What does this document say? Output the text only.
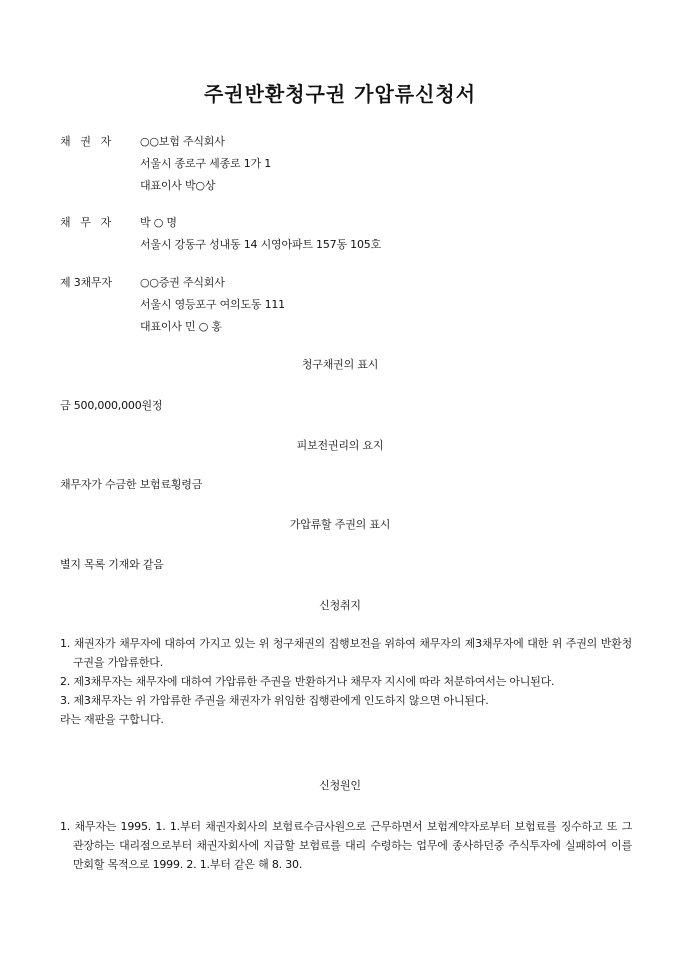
주권반환청구권 가압류신청서
채   권   자	○○보험 주식회사
서울시 종로구 세종로 1가 1
대표이사 박○상
채   무   자	박 ○ 명
서울시 강동구 성내동 14 시영아파트 157동 105호
제 3채무자	○○증권 주식회사
서울시 영등포구 여의도동 111
대표이사 민 ○ 홍
청구채권의 표시
금 500,000,000원정
피보전권리의 요지
채무자가 수금한 보험료횡령금
가압류할 주권의 표시
별지 목록 기재와 같음
신청취지
1. 채권자가 채무자에 대하여 가지고 있는 위 청구채권의 집행보전을 위하여 채무자의 제3채무자에 대한 위 주권의 반환청구권을 가압류한다.
2. 제3채무자는 채무자에 대하여 가압류한 주권을 반환하거나 채무자 지시에 따라 처분하여서는 아니된다.
3. 제3채무자는 위 가압류한 주권을 채권자가 위임한 집행관에게 인도하지 않으면 아니된다.
라는 재판을 구합니다.
신청원인
1. 채무자는 1995. 1. 1.부터 채권자회사의 보험료수금사원으로 근무하면서 보험계약자로부터 보험료를 징수하고 또 그 관장하는 대리점으로부터 채권자회사에 지급할 보험료를 대리 수령하는 업무에 종사하던중 주식투자에 실패하여 이를 만회할 목적으로 1999. 2. 1.부터 같은 해 8. 30.
